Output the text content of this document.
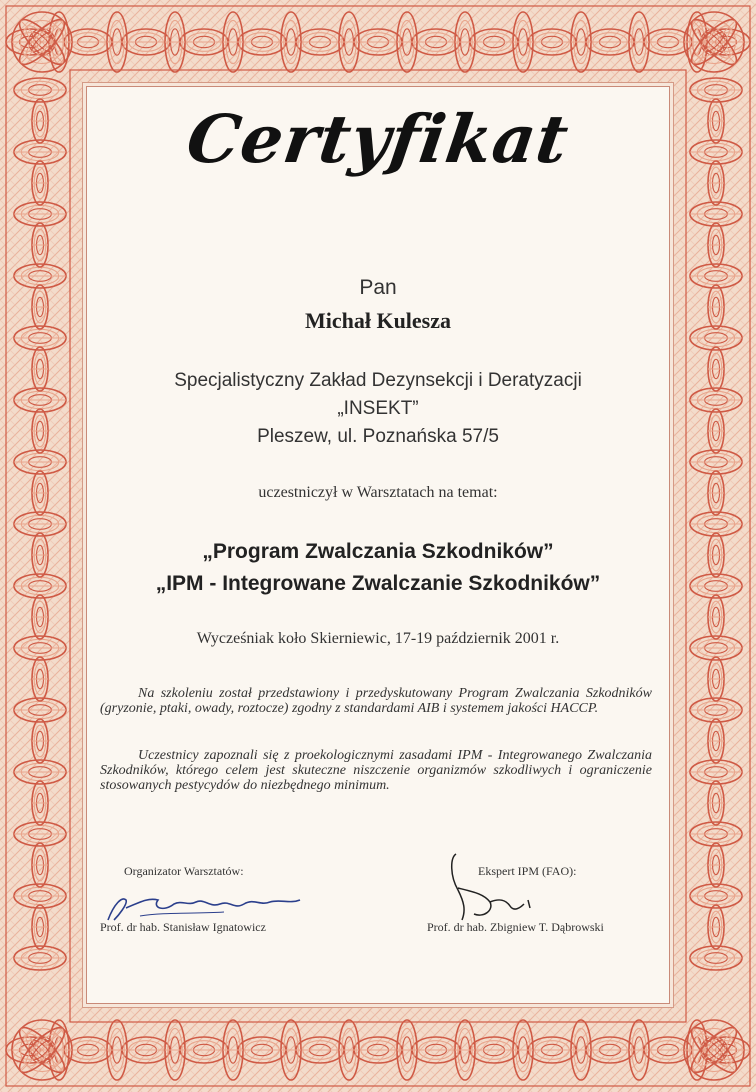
Certyfikat
Pan
Michał Kulesza
Specjalistyczny Zakład Dezynsekcji i Deratyzacji
„INSEKT”
Pleszew, ul. Poznańska 57/5
uczestniczył w Warsztatach na temat:
„Program Zwalczania Szkodników”
„IPM - Integrowane Zwalczanie Szkodników”
Wycześniak koło Skierniewic, 17-19 październik 2001 r.
Na szkoleniu został przedstawiony i przedyskutowany Program Zwalczania Szkodników (gryzonie, ptaki, owady, roztocze) zgodny z standardami AIB i systemem jakości HACCP.
Uczestnicy zapoznali się z proekologicznymi zasadami IPM - Integrowanego Zwalczania Szkodników, którego celem jest skuteczne niszczenie organizmów szkodliwych i ograniczenie stosowanych pestycydów do niezbędnego minimum.
Organizator Warsztatów:	Ekspert IPM (FAO):
Prof. dr hab. Stanisław Ignatowicz	Prof. dr hab. Zbigniew T. Dąbrowski
